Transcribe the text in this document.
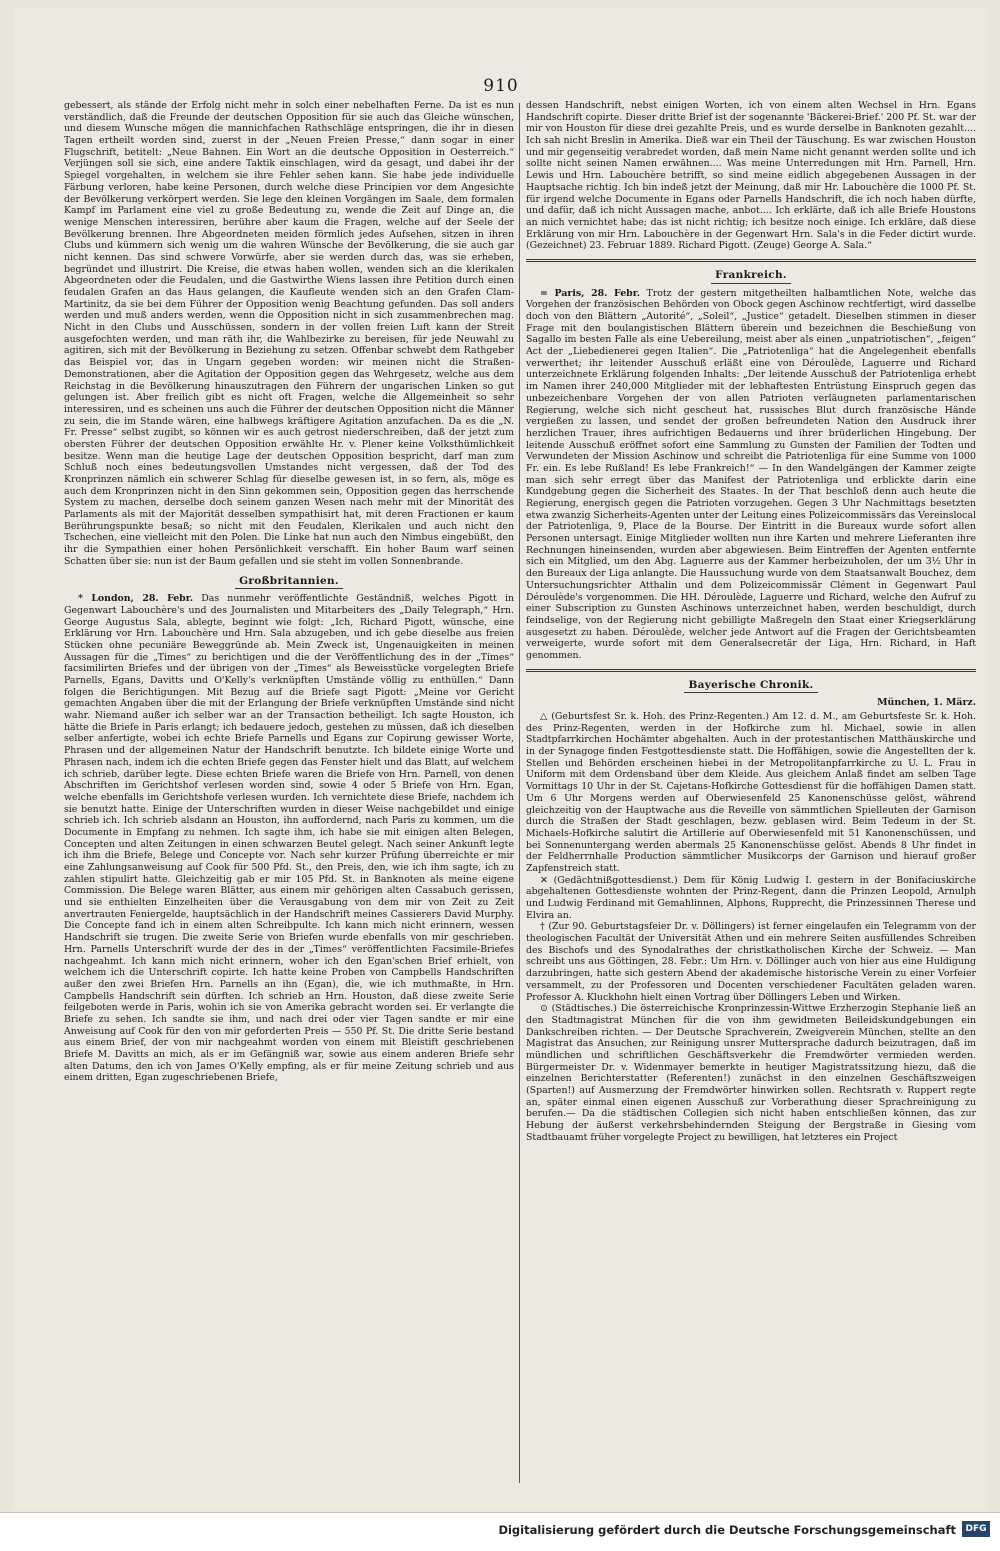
910

gebessert, als stände der Erfolg nicht mehr in solch einer nebelhaften Ferne. Da ist es nun verständlich, daß die Freunde der deutschen Opposition für sie auch das Gleiche wünschen, und diesem Wunsche mögen die mannichfachen Rathschläge entspringen, die ihr in diesen Tagen ertheilt worden sind, zuerst in der „Neuen Freien Presse,“ dann sogar in einer Flugschrift, betitelt: „Neue Bahnen. Ein Wort an die deutsche Opposition in Oesterreich.“ Verjüngen soll sie sich, eine andere Taktik einschlagen, wird da gesagt, und dabei ihr der Spiegel vorgehalten, in welchem sie ihre Fehler sehen kann. Sie habe jede individuelle Färbung verloren, habe keine Personen, durch welche diese Principien vor dem Angesichte der Bevölkerung verkörpert werden. Sie lege den kleinen Vorgängen im Saale, dem formalen Kampf im Parlament eine viel zu große Bedeutung zu, wende die Zeit auf Dinge an, die wenige Menschen interessiren, berühre aber kaum die Fragen, welche auf der Seele der Bevölkerung brennen. Ihre Abgeordneten meiden förmlich jedes Aufsehen, sitzen in ihren Clubs und kümmern sich wenig um die wahren Wünsche der Bevölkerung, die sie auch gar nicht kennen. Das sind schwere Vorwürfe, aber sie werden durch das, was sie erheben, begründet und illustrirt. Die Kreise, die etwas haben wollen, wenden sich an die klerikalen Abgeordneten oder die Feudalen, und die Gastwirthe Wiens lassen ihre Petition durch einen feudalen Grafen an das Haus gelangen, die Kaufleute wenden sich an den Grafen Clam-Martinitz, da sie bei dem Führer der Opposition wenig Beachtung gefunden. Das soll anders werden und muß anders werden, wenn die Opposition nicht in sich zusammenbrechen mag. Nicht in den Clubs und Ausschüssen, sondern in der vollen freien Luft kann der Streit ausgefochten werden, und man räth ihr, die Wahlbezirke zu bereisen, für jede Neuwahl zu agitiren, sich mit der Bevölkerung in Beziehung zu setzen. Offenbar schwebt dem Rathgeber das Beispiel vor, das in Ungarn gegeben worden: wir meinen nicht die Straßen-Demonstrationen, aber die Agitation der Opposition gegen das Wehrgesetz, welche aus dem Reichstag in die Bevölkerung hinauszutragen den Führern der ungarischen Linken so gut gelungen ist. Aber freilich gibt es nicht oft Fragen, welche die Allgemeinheit so sehr interessiren, und es scheinen uns auch die Führer der deutschen Opposition nicht die Männer zu sein, die im Stande wären, eine halbwegs kräftigere Agitation anzufachen. Da es die „N. Fr. Presse“ selbst zugibt, so können wir es auch getrost niederschreiben, daß der jetzt zum obersten Führer der deutschen Opposition erwählte Hr. v. Plener keine Volksthümlichkeit besitze. Wenn man die heutige Lage der deutschen Opposition bespricht, darf man zum Schluß noch eines bedeutungsvollen Umstandes nicht vergessen, daß der Tod des Kronprinzen nämlich ein schwerer Schlag für dieselbe gewesen ist, in so fern, als, möge es auch dem Kronprinzen nicht in den Sinn gekommen sein, Opposition gegen das herrschende System zu machen, derselbe doch seinem ganzen Wesen nach mehr mit der Minorität des Parlaments als mit der Majorität desselben sympathisirt hat, mit deren Fractionen er kaum Berührungspunkte besaß; so nicht mit den Feudalen, Klerikalen und auch nicht den Tschechen, eine vielleicht mit den Polen. Die Linke hat nun auch den Nimbus eingebüßt, den ihr die Sympathien einer hohen Persönlichkeit verschafft. Ein hoher Baum warf seinen Schatten über sie: nun ist der Baum gefallen und sie steht im vollen Sonnenbrande.

Großbritannien.

* London, 28. Febr. Das nunmehr veröffentlichte Geständniß, welches Pigott in Gegenwart Labouchère's und des Journalisten und Mitarbeiters des „Daily Telegraph,“ Hrn. George Augustus Sala, ablegte, beginnt wie folgt: „Ich, Richard Pigott, wünsche, eine Erklärung vor Hrn. Labouchère und Hrn. Sala abzugeben, und ich gebe dieselbe aus freien Stücken ohne pecuniäre Beweggründe ab. Mein Zweck ist, Ungenauigkeiten in meinen Aussagen für die „Times“ zu berichtigen und die der Veröffentlichung des in der „Times“ facsimilirten Briefes und der übrigen von der „Times“ als Beweisstücke vorgelegten Briefe Parnells, Egans, Davitts und O'Kelly's verknüpften Umstände völlig zu enthüllen.“ Dann folgen die Berichtigungen. Mit Bezug auf die Briefe sagt Pigott: „Meine vor Gericht gemachten Angaben über die mit der Erlangung der Briefe verknüpften Umstände sind nicht wahr. Niemand außer ich selber war an der Transaction betheiligt. Ich sagte Houston, ich hätte die Briefe in Paris erlangt; ich bedauere jedoch, gestehen zu müssen, daß ich dieselben selber anfertigte, wobei ich echte Briefe Parnells und Egans zur Copirung gewisser Worte, Phrasen und der allgemeinen Natur der Handschrift benutzte. Ich bildete einige Worte und Phrasen nach, indem ich die echten Briefe gegen das Fenster hielt und das Blatt, auf welchem ich schrieb, darüber legte. Diese echten Briefe waren die Briefe von Hrn. Parnell, von denen Abschriften im Gerichtshof verlesen worden sind, sowie 4 oder 5 Briefe von Hrn. Egan, welche ebenfalls im Gerichtshofe verlesen wurden. Ich vernichtete diese Briefe, nachdem ich sie benutzt hatte. Einige der Unterschriften wurden in dieser Weise nachgebildet und einige schrieb ich. Ich schrieb alsdann an Houston, ihn auffordernd, nach Paris zu kommen, um die Documente in Empfang zu nehmen. Ich sagte ihm, ich habe sie mit einigen alten Belegen, Concepten und alten Zeitungen in einen schwarzen Beutel gelegt. Nach seiner Ankunft legte ich ihm die Briefe, Belege und Concepte vor. Nach sehr kurzer Prüfung überreichte er mir eine Zahlungsanweisung auf Cook für 500 Pfd. St., den Preis, den, wie ich ihm sagte, ich zu zahlen stipulirt hatte. Gleichzeitig gab er mir 105 Pfd. St. in Banknoten als meine eigene Commission. Die Belege waren Blätter, aus einem mir gehörigen alten Cassabuch gerissen, und sie enthielten Einzelheiten über die Verausgabung von dem mir von Zeit zu Zeit anvertrauten Feniergelde, hauptsächlich in der Handschrift meines Cassierers David Murphy. Die Concepte fand ich in einem alten Schreibpulte. Ich kann mich nicht erinnern, wessen Handschrift sie trugen. Die zweite Serie von Briefen wurde ebenfalls von mir geschrieben. Hrn. Parnells Unterschrift wurde der des in der „Times“ veröffentlichten Facsimile-Briefes nachgeahmt. Ich kann mich nicht erinnern, woher ich den Egan'schen Brief erhielt, von welchem ich die Unterschrift copirte. Ich hatte keine Proben von Campbells Handschriften außer den zwei Briefen Hrn. Parnells an ihn (Egan), die, wie ich muthmaßte, in Hrn. Campbells Handschrift sein dürften. Ich schrieb an Hrn. Houston, daß diese zweite Serie feilgeboten werde in Paris, wohin ich sie von Amerika gebracht worden sei. Er verlangte die Briefe zu sehen. Ich sandte sie ihm, und nach drei oder vier Tagen sandte er mir eine Anweisung auf Cook für den von mir geforderten Preis — 550 Pf. St. Die dritte Serie bestand aus einem Brief, der von mir nachgeahmt worden von einem mit Bleistift geschriebenen Briefe M. Davitts an mich, als er im Gefängniß war, sowie aus einem anderen Briefe sehr alten Datums, den ich von James O'Kelly empfing, als er für meine Zeitung schrieb und aus einem dritten, Egan zugeschriebenen Briefe,

dessen Handschrift, nebst einigen Worten, ich von einem alten Wechsel in Hrn. Egans Handschrift copirte. Dieser dritte Brief ist der sogenannte 'Bäckerei-Brief.' 200 Pf. St. war der mir von Houston für diese drei gezahlte Preis, und es wurde derselbe in Banknoten gezahlt.... Ich sah nicht Breslin in Amerika. Dieß war ein Theil der Täuschung. Es war zwischen Houston und mir gegenseitig verabredet worden, daß mein Name nicht genannt werden sollte und ich sollte nicht seinen Namen erwähnen.... Was meine Unterredungen mit Hrn. Parnell, Hrn. Lewis und Hrn. Labouchère betrifft, so sind meine eidlich abgegebenen Aussagen in der Hauptsache richtig. Ich bin indeß jetzt der Meinung, daß mir Hr. Labouchère die 1000 Pf. St. für irgend welche Documente in Egans oder Parnells Handschrift, die ich noch haben dürfte, und dafür, daß ich nicht Aussagen mache, anbot.... Ich erklärte, daß ich alle Briefe Houstons an mich vernichtet habe; das ist nicht richtig; ich besitze noch einige. Ich erkläre, daß diese Erklärung von mir Hrn. Labouchère in der Gegenwart Hrn. Sala's in die Feder dictirt wurde. (Gezeichnet) 23. Februar 1889. Richard Pigott. (Zeuge) George A. Sala.“

Frankreich.

= Paris, 28. Febr. Trotz der gestern mitgetheilten halbamtlichen Note, welche das Vorgehen der französischen Behörden von Obock gegen Aschinow rechtfertigt, wird dasselbe doch von den Blättern „Autorité“, „Soleil“, „Justice“ getadelt. Dieselben stimmen in dieser Frage mit den boulangistischen Blättern überein und bezeichnen die Beschießung von Sagallo im besten Falle als eine Uebereilung, meist aber als einen „unpatriotischen“, „feigen“ Act der „Liebedienerei gegen Italien“. Die „Patriotenliga“ hat die Angelegenheit ebenfalls verwerthet; ihr leitender Ausschuß erläßt eine von Déroulède, Laguerre und Richard unterzeichnete Erklärung folgenden Inhalts: „Der leitende Ausschuß der Patriotenliga erhebt im Namen ihrer 240,000 Mitglieder mit der lebhaftesten Entrüstung Einspruch gegen das unbezeichenbare Vorgehen der von allen Patrioten verläugneten parlamentarischen Regierung, welche sich nicht gescheut hat, russisches Blut durch französische Hände vergießen zu lassen, und sendet der großen befreundeten Nation den Ausdruck ihrer herzlichen Trauer, ihres aufrichtigen Bedauerns und ihrer brüderlichen Hingebung. Der leitende Ausschuß eröffnet sofort eine Sammlung zu Gunsten der Familien der Todten und Verwundeten der Mission Aschinow und schreibt die Patriotenliga für eine Summe von 1000 Fr. ein. Es lebe Rußland! Es lebe Frankreich!“ — In den Wandelgängen der Kammer zeigte man sich sehr erregt über das Manifest der Patriotenliga und erblickte darin eine Kundgebung gegen die Sicherheit des Staates. In der That beschloß denn auch heute die Regierung, energisch gegen die Patrioten vorzugehen. Gegen 3 Uhr Nachmittags besetzten etwa zwanzig Sicherheits-Agenten unter der Leitung eines Polizeicommissärs das Vereinslocal der Patriotenliga, 9, Place de la Bourse. Der Eintritt in die Bureaux wurde sofort allen Personen untersagt. Einige Mitglieder wollten nun ihre Karten und mehrere Lieferanten ihre Rechnungen hineinsenden, wurden aber abgewiesen. Beim Eintreffen der Agenten entfernte sich ein Mitglied, um den Abg. Laguerre aus der Kammer herbeizuholen, der um 3½ Uhr in den Bureaux der Liga anlangte. Die Haussuchung wurde von dem Staatsanwalt Bouchez, dem Untersuchungsrichter Atthalin und dem Polizeicommissär Clément in Gegenwart Paul Déroulède's vorgenommen. Die HH. Déroulède, Laguerre und Richard, welche den Aufruf zu einer Subscription zu Gunsten Aschinows unterzeichnet haben, werden beschuldigt, durch feindselige, von der Regierung nicht gebilligte Maßregeln den Staat einer Kriegserklärung ausgesetzt zu haben. Déroulède, welcher jede Antwort auf die Fragen der Gerichtsbeamten verweigerte, wurde sofort mit dem Generalsecretär der Liga, Hrn. Richard, in Haft genommen.

Bayerische Chronik.
München, 1. März.

△ (Geburtsfest Sr. k. Hoh. des Prinz-Regenten.) Am 12. d. M., am Geburtsfeste Sr. k. Hoh. des Prinz-Regenten, werden in der Hofkirche zum hl. Michael, sowie in allen Stadtpfarrkirchen Hochämter abgehalten. Auch in der protestantischen Matthäuskirche und in der Synagoge finden Festgottesdienste statt. Die Hoffähigen, sowie die Angestellten der k. Stellen und Behörden erscheinen hiebei in der Metropolitanpfarrkirche zu U. L. Frau in Uniform mit dem Ordensband über dem Kleide. Aus gleichem Anlaß findet am selben Tage Vormittags 10 Uhr in der St. Cajetans-Hofkirche Gottesdienst für die hoffähigen Damen statt. Um 6 Uhr Morgens werden auf Oberwiesenfeld 25 Kanonenschüsse gelöst, während gleichzeitig von der Hauptwache aus die Reveille von sämmtlichen Spielleuten der Garnison durch die Straßen der Stadt geschlagen, bezw. geblasen wird. Beim Tedeum in der St. Michaels-Hofkirche salutirt die Artillerie auf Oberwiesenfeld mit 51 Kanonenschüssen, und bei Sonnenuntergang werden abermals 25 Kanonenschüsse gelöst. Abends 8 Uhr findet in der Feldherrnhalle Production sämmtlicher Musikcorps der Garnison und hierauf großer Zapfenstreich statt.

✕ (Gedächtnißgottesdienst.) Dem für König Ludwig I. gestern in der Bonifaciuskirche abgehaltenen Gottesdienste wohnten der Prinz-Regent, dann die Prinzen Leopold, Arnulph und Ludwig Ferdinand mit Gemahlinnen, Alphons, Rupprecht, die Prinzessinnen Therese und Elvira an.

† (Zur 90. Geburtstagsfeier Dr. v. Döllingers) ist ferner eingelaufen ein Telegramm von der theologischen Facultät der Universität Athen und ein mehrere Seiten ausfüllendes Schreiben des Bischofs und des Synodalrathes der christkatholischen Kirche der Schweiz. — Man schreibt uns aus Göttingen, 28. Febr.: Um Hrn. v. Döllinger auch von hier aus eine Huldigung darzubringen, hatte sich gestern Abend der akademische historische Verein zu einer Vorfeier versammelt, zu der Professoren und Docenten verschiedener Facultäten geladen waren. Professor A. Kluckhohn hielt einen Vortrag über Döllingers Leben und Wirken.

⊙ (Städtisches.) Die österreichische Kronprinzessin-Wittwe Erzherzogin Stephanie ließ an den Stadtmagistrat München für die von ihm gewidmeten Beileidskundgebungen ein Dankschreiben richten. — Der Deutsche Sprachverein, Zweigverein München, stellte an den Magistrat das Ansuchen, zur Reinigung unsrer Muttersprache dadurch beizutragen, daß im mündlichen und schriftlichen Geschäftsverkehr die Fremdwörter vermieden werden. Bürgermeister Dr. v. Widenmayer bemerkte in heutiger Magistratssitzung hiezu, daß die einzelnen Berichterstatter (Referenten!) zunächst in den einzelnen Geschäftszweigen (Sparten!) auf Ausmerzung der Fremdwörter hinwirken sollen. Rechtsrath v. Ruppert regte an, später einmal einen eigenen Ausschuß zur Vorberathung dieser Sprachreinigung zu berufen.— Da die städtischen Collegien sich nicht haben entschließen können, das zur Hebung der äußerst verkehrsbehindernden Steigung der Bergstraße in Giesing vom Stadtbauamt früher vorgelegte Project zu bewilligen, hat letzteres ein Project

Digitalisierung gefördert durch die Deutsche Forschungsgemeinschaft	DFG
